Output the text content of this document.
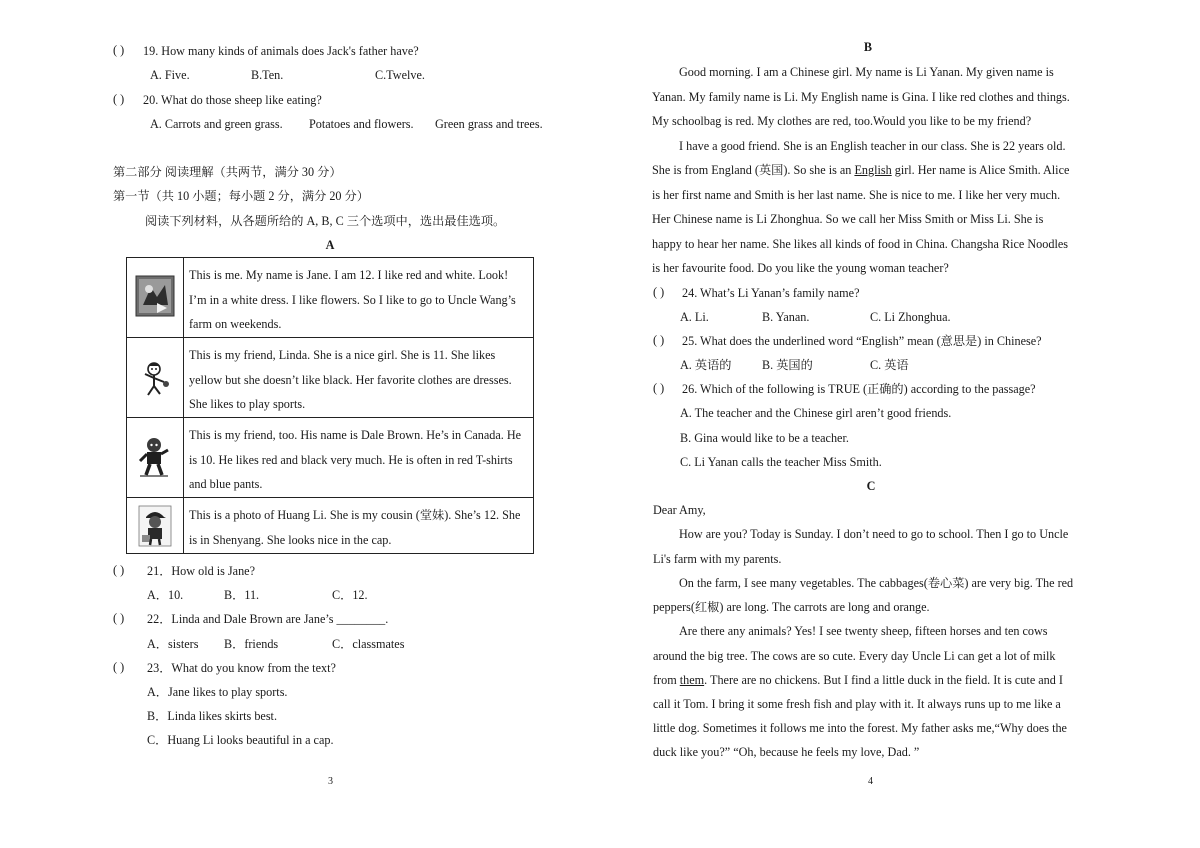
( ) 19. How many kinds of animals does Jack's father have?
A. Five.	B.Ten.	C.Twelve.
( ) 20. What do those sheep like eating?
A. Carrots and green grass. Potatoes and flowers. Green grass and trees.
第二部分 阅读理解（共两节，满分 30 分）
第一节（共 10 小题；每小题 2 分，满分 20 分）
阅读下列材料，从各题所给的 A, B, C 三个选项中，选出最佳选项。
A

This is me. My name is Jane. I am 12. I like red and white. Look!
I’m in a white dress. I like flowers. So I like to go to Uncle Wang’s
farm on weekends.

This is my friend, Linda. She is a nice girl. She is 11. She likes
yellow but she doesn’t like black. Her favorite clothes are dresses.
She likes to play sports.

This is my friend, too. His name is Dale Brown. He’s in Canada. He
is 10. He likes red and black very much. He is often in red T-shirts
and blue pants.

This is a photo of Huang Li. She is my cousin (堂妹). She’s 12. She
is in Shenyang. She looks nice in the cap.
( ) 21．How old is Jane?
A．10.	B．11.	C．12.
( ) 22．Linda and Dale Brown are Jane’s ________.
A．sisters B．friends	C．classmates
( ) 23．What do you know from the text?
A．Jane likes to play sports.
B．Linda likes skirts best.
C．Huang Li looks beautiful in a cap.
3
B
Good morning. I am a Chinese girl. My name is Li Yanan. My given name is
Yanan. My family name is Li. My English name is Gina. I like red clothes and things.
My schoolbag is red. My clothes are red, too.Would you like to be my friend?
I have a good friend. She is an English teacher in our class. She is 22 years old.
She is from England (英国). So she is an English girl. Her name is Alice Smith. Alice
is her first name and Smith is her last name. She is nice to me. I like her very much.
Her Chinese name is Li Zhonghua. So we call her Miss Smith or Miss Li. She is
happy to hear her name. She likes all kinds of food in China. Changsha Rice Noodles
is her favourite food. Do you like the young woman teacher?
( ) 24. What’s Li Yanan’s family name?
A. Li.	B. Yanan.	C. Li Zhonghua.
( ) 25. What does the underlined word “English” mean (意思是) in Chinese?
A. 英语的	B. 英国的	C. 英语
( ) 26. Which of the following is TRUE (正确的) according to the passage?
A. The teacher and the Chinese girl aren’t good friends.
B. Gina would like to be a teacher.
C. Li Yanan calls the teacher Miss Smith.
C
Dear Amy,
How are you? Today is Sunday. I don’t need to go to school. Then I go to Uncle
Li's farm with my parents.
On the farm, I see many vegetables. The cabbages(卷心菜) are very big. The red
peppers(红椒) are long. The carrots are long and orange.
Are there any animals? Yes! I see twenty sheep, fifteen horses and ten cows
around the big tree. The cows are so cute. Every day Uncle Li can get a lot of milk
from them. There are no chickens. But I find a little duck in the field. It is cute and I
call it Tom. I bring it some fresh fish and play with it. It always runs up to me like a
little dog. Sometimes it follows me into the forest. My father asks me,“Why does the
duck like you?” “Oh, because he feels my love, Dad. ”
4
